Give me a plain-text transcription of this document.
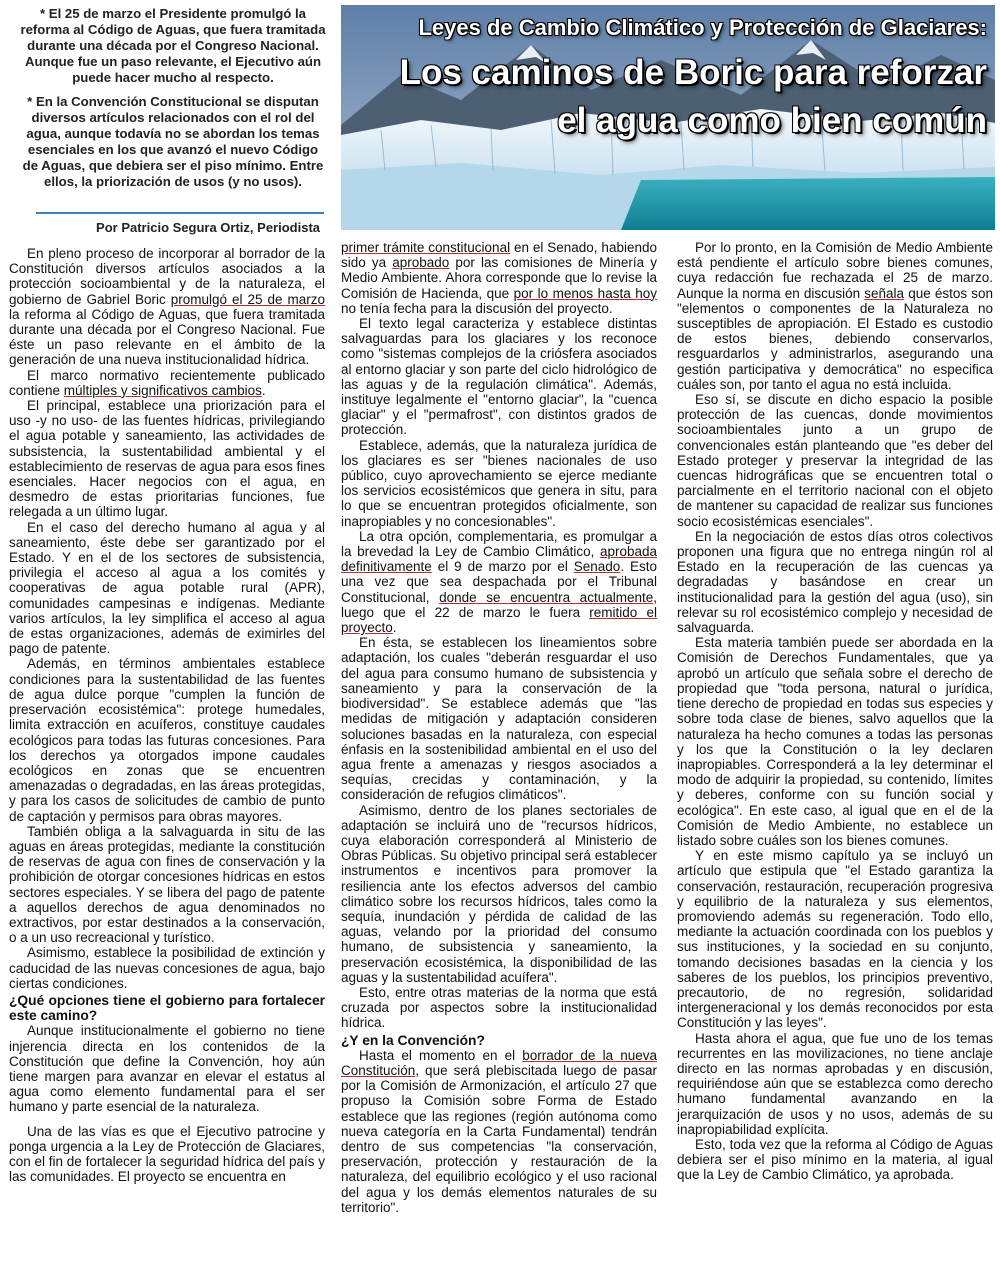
* El 25 de marzo el Presidente promulgó la reforma al Código de Aguas, que fuera tramitada durante una década por el Congreso Nacional. Aunque fue un paso relevante, el Ejecutivo aún puede hacer mucho al respecto.

* En la Convención Constitucional se disputan diversos artículos relacionados con el rol del agua, aunque todavía no se abordan los temas esenciales en los que avanzó el nuevo Código de Aguas, que debiera ser el piso mínimo. Entre ellos, la priorización de usos (y no usos).

Por Patricio Segura Ortiz, Periodista
Leyes de Cambio Climático y Protección de Glaciares:
Los caminos de Boric para reforzar el agua como bien común

En pleno proceso de incorporar al borrador de la Constitución diversos artículos asociados a la protección socioambiental y de la naturaleza, el gobierno de Gabriel Boric promulgó el 25 de marzo la reforma al Código de Aguas, que fuera tramitada durante una década por el Congreso Nacional. Fue éste un paso relevante en el ámbito de la generación de una nueva institucionalidad hídrica.

El marco normativo recientemente publicado contiene múltiples y significativos cambios.

El principal, establece una priorización para el uso -y no uso- de las fuentes hídricas, privilegiando el agua potable y saneamiento, las actividades de subsistencia, la sustentabilidad ambiental y el establecimiento de reservas de agua para esos fines esenciales. Hacer negocios con el agua, en desmedro de estas prioritarias funciones, fue relegada a un último lugar.

En el caso del derecho humano al agua y al saneamiento, éste debe ser garantizado por el Estado. Y en el de los sectores de subsistencia, privilegia el acceso al agua a los comités y cooperativas de agua potable rural (APR), comunidades campesinas e indígenas. Mediante varios artículos, la ley simplifica el acceso al agua de estas organizaciones, además de eximirles del pago de patente.

Además, en términos ambientales establece condiciones para la sustentabilidad de las fuentes de agua dulce porque "cumplen la función de preservación ecosistémica": protege humedales, limita extracción en acuíferos, constituye caudales ecológicos para todas las futuras concesiones. Para los derechos ya otorgados impone caudales ecológicos en zonas que se encuentren amenazadas o degradadas, en las áreas protegidas, y para los casos de solicitudes de cambio de punto de captación y permisos para obras mayores.

También obliga a la salvaguarda in situ de las aguas en áreas protegidas, mediante la constitución de reservas de agua con fines de conservación y la prohibición de otorgar concesiones hídricas en estos sectores especiales. Y se libera del pago de patente a aquellos derechos de agua denominados no extractivos, por estar destinados a la conservación, o a un uso recreacional y turístico.

Asimismo, establece la posibilidad de extinción y caducidad de las nuevas concesiones de agua, bajo ciertas condiciones.

¿Qué opciones tiene el gobierno para fortalecer este camino?

Aunque institucionalmente el gobierno no tiene injerencia directa en los contenidos de la Constitución que define la Convención, hoy aún tiene margen para avanzar en elevar el estatus al agua como elemento fundamental para el ser humano y parte esencial de la naturaleza.

Una de las vías es que el Ejecutivo patrocine y ponga urgencia a la Ley de Protección de Glaciares, con el fin de fortalecer la seguridad hídrica del país y las comunidades. El proyecto se encuentra en

primer trámite constitucional en el Senado, habiendo sido ya aprobado por las comisiones de Minería y Medio Ambiente. Ahora corresponde que lo revise la Comisión de Hacienda, que por lo menos hasta hoy no tenía fecha para la discusión del proyecto.

El texto legal caracteriza y establece distintas salvaguardas para los glaciares y los reconoce como "sistemas complejos de la criósfera asociados al entorno glaciar y son parte del ciclo hidrológico de las aguas y de la regulación climática". Además, instituye legalmente el "entorno glaciar", la "cuenca glaciar" y el "permafrost", con distintos grados de protección.

Establece, además, que la naturaleza jurídica de los glaciares es ser "bienes nacionales de uso público, cuyo aprovechamiento se ejerce mediante los servicios ecosistémicos que genera in situ, para lo que se encuentran protegidos oficialmente, son inapropiables y no concesionables".

La otra opción, complementaria, es promulgar a la brevedad la Ley de Cambio Climático, aprobada definitivamente el 9 de marzo por el Senado. Esto una vez que sea despachada por el Tribunal Constitucional, donde se encuentra actualmente, luego que el 22 de marzo le fuera remitido el proyecto.

En ésta, se establecen los lineamientos sobre adaptación, los cuales "deberán resguardar el uso del agua para consumo humano de subsistencia y saneamiento y para la conservación de la biodiversidad". Se establece además que "las medidas de mitigación y adaptación consideren soluciones basadas en la naturaleza, con especial énfasis en la sostenibilidad ambiental en el uso del agua frente a amenazas y riesgos asociados a sequías, crecidas y contaminación, y la consideración de refugios climáticos".

Asimismo, dentro de los planes sectoriales de adaptación se incluirá uno de "recursos hídricos, cuya elaboración corresponderá al Ministerio de Obras Públicas. Su objetivo principal será establecer instrumentos e incentivos para promover la resiliencia ante los efectos adversos del cambio climático sobre los recursos hídricos, tales como la sequía, inundación y pérdida de calidad de las aguas, velando por la prioridad del consumo humano, de subsistencia y saneamiento, la preservación ecosistémica, la disponibilidad de las aguas y la sustentabilidad acuífera".

Esto, entre otras materias de la norma que está cruzada por aspectos sobre la institucionalidad hídrica.

¿Y en la Convención?

Hasta el momento en el borrador de la nueva Constitución, que será plebiscitada luego de pasar por la Comisión de Armonización, el artículo 27 que propuso la Comisión sobre Forma de Estado establece que las regiones (región autónoma como nueva categoría en la Carta Fundamental) tendrán dentro de sus competencias "la conservación, preservación, protección y restauración de la naturaleza, del equilibrio ecológico y el uso racional del agua y los demás elementos naturales de su territorio".

Por lo pronto, en la Comisión de Medio Ambiente está pendiente el artículo sobre bienes comunes, cuya redacción fue rechazada el 25 de marzo. Aunque la norma en discusión señala que éstos son "elementos o componentes de la Naturaleza no susceptibles de apropiación. El Estado es custodio de estos bienes, debiendo conservarlos, resguardarlos y administrarlos, asegurando una gestión participativa y democrática" no especifica cuáles son, por tanto el agua no está incluida.

Eso sí, se discute en dicho espacio la posible protección de las cuencas, donde movimientos socioambientales junto a un grupo de convencionales están planteando que "es deber del Estado proteger y preservar la integridad de las cuencas hidrográficas que se encuentren total o parcialmente en el territorio nacional con el objeto de mantener su capacidad de realizar sus funciones socio ecosistémicas esenciales".

En la negociación de estos días otros colectivos proponen una figura que no entrega ningún rol al Estado en la recuperación de las cuencas ya degradadas y basándose en crear un institucionalidad para la gestión del agua (uso), sin relevar su rol ecosistémico complejo y necesidad de salvaguarda.

Esta materia también puede ser abordada en la Comisión de Derechos Fundamentales, que ya aprobó un artículo que señala sobre el derecho de propiedad que "toda persona, natural o jurídica, tiene derecho de propiedad en todas sus especies y sobre toda clase de bienes, salvo aquellos que la naturaleza ha hecho comunes a todas las personas y los que la Constitución o la ley declaren inapropiables. Corresponderá a la ley determinar el modo de adquirir la propiedad, su contenido, límites y deberes, conforme con su función social y ecológica". En este caso, al igual que en el de la Comisión de Medio Ambiente, no establece un listado sobre cuáles son los bienes comunes.

Y en este mismo capítulo ya se incluyó un artículo que estipula que "el Estado garantiza la conservación, restauración, recuperación progresiva y equilibrio de la naturaleza y sus elementos, promoviendo además su regeneración. Todo ello, mediante la actuación coordinada con los pueblos y sus instituciones, y la sociedad en su conjunto, tomando decisiones basadas en la ciencia y los saberes de los pueblos, los principios preventivo, precautorio, de no regresión, solidaridad intergeneracional y los demás reconocidos por esta Constitución y las leyes".

Hasta ahora el agua, que fue uno de los temas recurrentes en las movilizaciones, no tiene anclaje directo en las normas aprobadas y en discusión, requiriéndose aún que se establezca como derecho humano fundamental avanzando en la jerarquización de usos y no usos, además de su inapropiabilidad explícita.

Esto, toda vez que la reforma al Código de Aguas debiera ser el piso mínimo en la materia, al igual que la Ley de Cambio Climático, ya aprobada.
